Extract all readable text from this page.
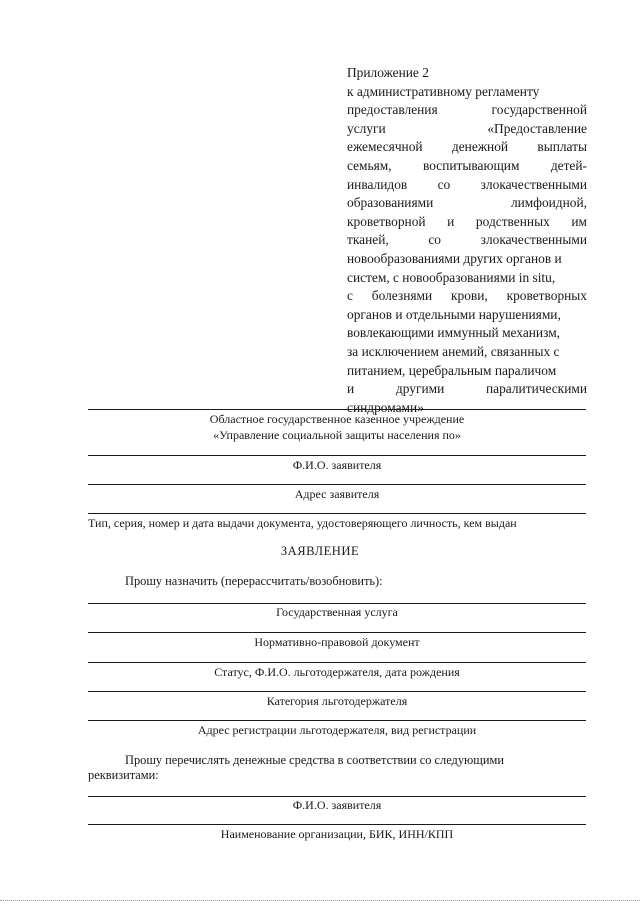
Приложение 2
к административному регламенту
предоставления государственной
услуги «Предоставление
ежемесячной денежной выплаты
семьям, воспитывающим детей-
инвалидов со злокачественными
образованиями лимфоидной,
кроветворной и родственных им
тканей, со злокачественными
новообразованиями других органов и
систем, с новообразованиями in situ,
с болезнями крови, кроветворных
органов и отдельными нарушениями,
вовлекающими иммунный механизм,
за исключением анемий, связанных с
питанием, церебральным параличом
и другими паралитическими
синдромами»
Областное государственное казенное учреждение
«Управление социальной защиты населения по»
Ф.И.О. заявителя
Адрес заявителя
Тип, серия, номер и дата выдачи документа, удостоверяющего личность, кем выдан
ЗАЯВЛЕНИЕ
Прошу назначить (перерассчитать/возобновить):
Государственная услуга
Нормативно-правовой документ
Статус, Ф.И.О. льготодержателя, дата рождения
Категория льготодержателя
Адрес регистрации льготодержателя, вид регистрации
Прошу перечислять денежные средства в соответствии со следующими
реквизитами:
Ф.И.О. заявителя
Наименование организации, БИК, ИНН/КПП
